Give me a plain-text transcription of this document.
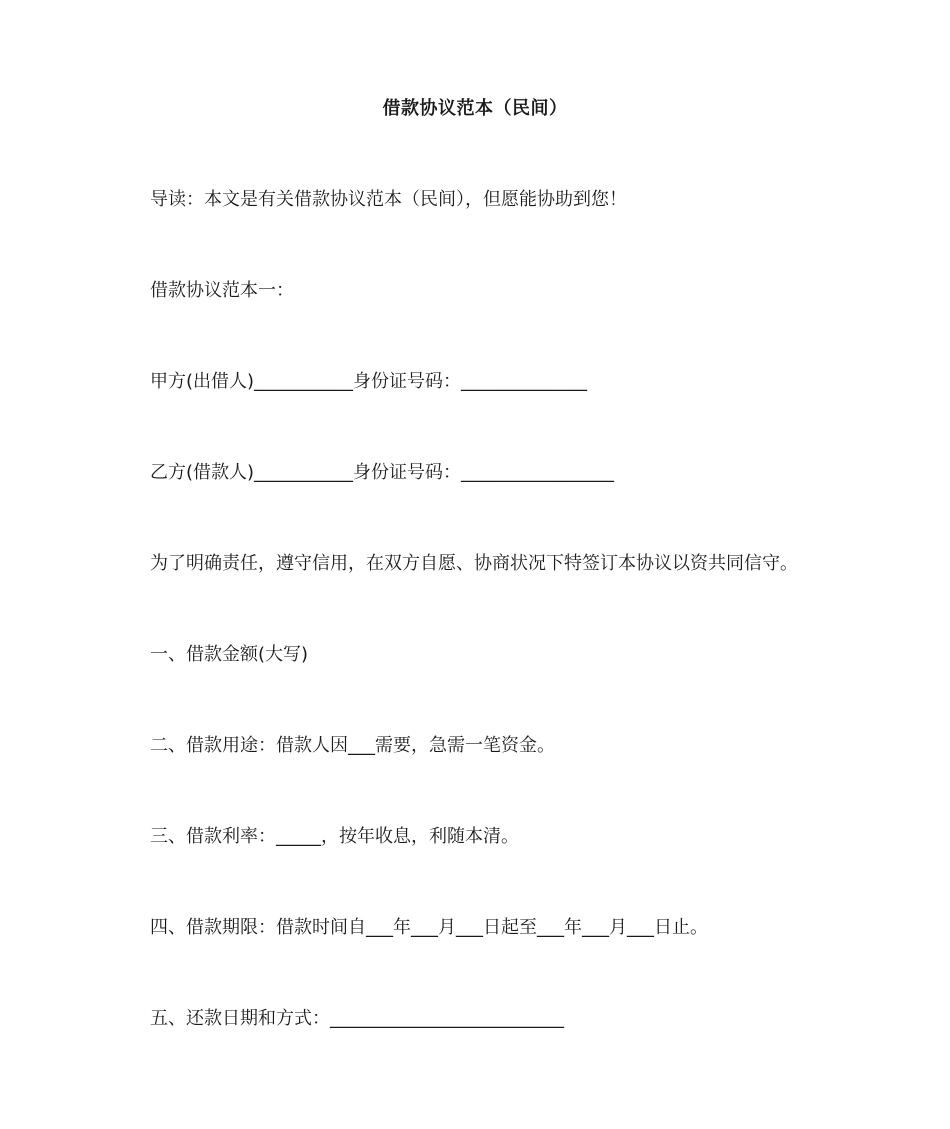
借款协议范本（民间）
导读：本文是有关借款协议范本（民间），但愿能协助到您！
借款协议范本一：
甲方(出借人)___________身份证号码：______________
乙方(借款人)___________身份证号码：_________________
为了明确责任，遵守信用，在双方自愿、协商状况下特签订本协议以资共同信守。
一、借款金额(大写)
二、借款用途：借款人因___需要，急需一笔资金。
三、借款利率：_____，按年收息，利随本清。
四、借款期限：借款时间自___年___月___日起至___年___月___日止。
五、还款日期和方式：__________________________
